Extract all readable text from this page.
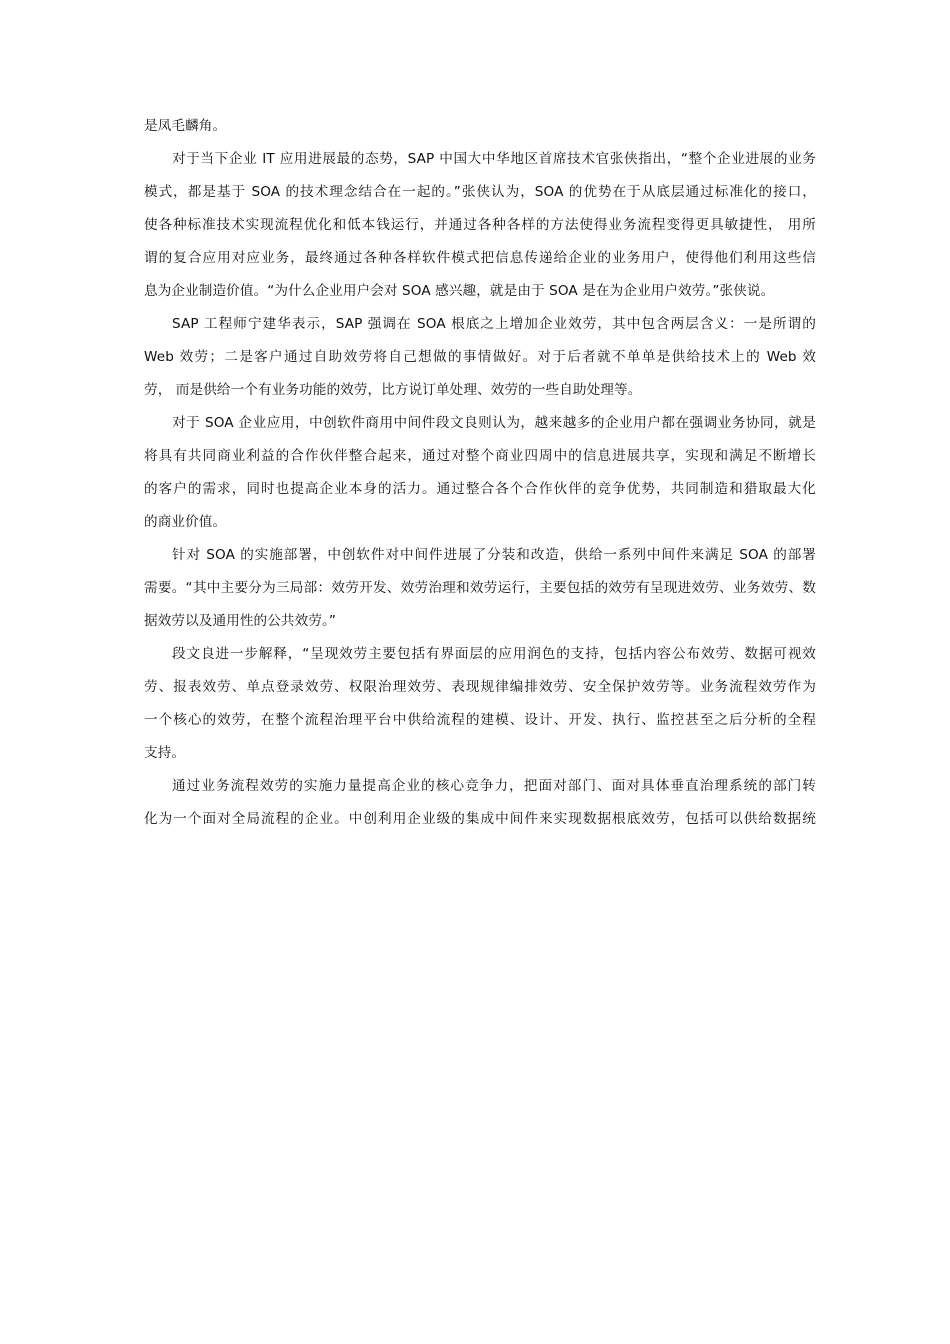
是凤毛麟角。
对于当下企业 IT 应用进展最的态势，SAP 中国大中华地区首席技术官张侠指出，“整个企业进展的业务
模式，都是基于 SOA 的技术理念结合在一起的。”张侠认为，SOA 的优势在于从底层通过标准化的接口，
使各种标准技术实现流程优化和低本钱运行，并通过各种各样的方法使得业务流程变得更具敏捷性， 用所
谓的复合应用对应业务，最终通过各种各样软件模式把信息传递给企业的业务用户，使得他们利用这些信
息为企业制造价值。“为什么企业用户会对 SOA 感兴趣，就是由于 SOA 是在为企业用户效劳。”张侠说。
SAP 工程师宁建华表示，SAP 强调在 SOA 根底之上增加企业效劳，其中包含两层含义：一是所谓的
Web 效劳；二是客户通过自助效劳将自己想做的事情做好。对于后者就不单单是供给技术上的 Web 效
劳， 而是供给一个有业务功能的效劳，比方说订单处理、效劳的一些自助处理等。
对于 SOA 企业应用，中创软件商用中间件段文良则认为，越来越多的企业用户都在强调业务协同，就是
将具有共同商业利益的合作伙伴整合起来，通过对整个商业四周中的信息进展共享，实现和满足不断增长
的客户的需求，同时也提高企业本身的活力。通过整合各个合作伙伴的竞争优势，共同制造和猎取最大化
的商业价值。
针对 SOA 的实施部署，中创软件对中间件进展了分装和改造，供给一系列中间件来满足 SOA 的部署
需要。“其中主要分为三局部：效劳开发、效劳治理和效劳运行，主要包括的效劳有呈现进效劳、业务效劳、数
据效劳以及通用性的公共效劳。”
段文良进一步解释，“呈现效劳主要包括有界面层的应用润色的支持，包括内容公布效劳、数据可视效
劳、报表效劳、单点登录效劳、权限治理效劳、表现规律编排效劳、安全保护效劳等。业务流程效劳作为
一个核心的效劳，在整个流程治理平台中供给流程的建模、设计、开发、执行、监控甚至之后分析的全程
支持。
通过业务流程效劳的实施力量提高企业的核心竞争力，把面对部门、面对具体垂直治理系统的部门转
化为一个面对全局流程的企业。中创利用企业级的集成中间件来实现数据根底效劳，包括可以供给数据统
